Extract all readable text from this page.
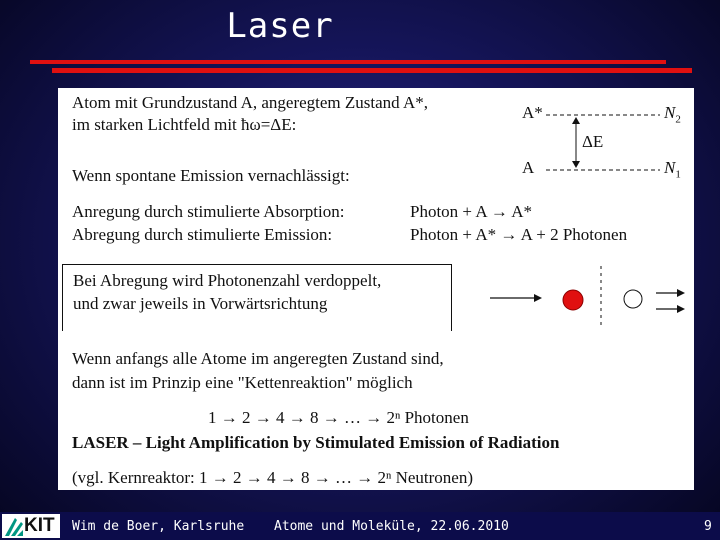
Laser
Atom mit Grundzustand A, angeregtem Zustand A*,
im starken Lichtfeld mit ħω=ΔE:
Wenn spontane Emission vernachlässigt:
Anregung durch stimulierte Absorption:
Abregung durch stimulierte Emission:
Photon + A → A*
Photon + A* → A + 2 Photonen
A*
A
ΔE
$N_2$
$N_1$
Bei Abregung wird Photonenzahl verdoppelt,
und zwar jeweils in Vorwärtsrichtung
Wenn anfangs alle Atome im angeregten Zustand sind,
dann ist im Prinzip eine "Kettenreaktion" möglich
1 → 2 → 4 → 8 → … → 2ⁿ Photonen
LASER – Light Amplification by Stimulated Emission of Radiation
(vgl. Kernreaktor: 1 → 2 → 4 → 8 → … → 2ⁿ Neutronen)
KIT Wim de Boer, Karlsruhe Atome und Moleküle, 22.06.2010	9
